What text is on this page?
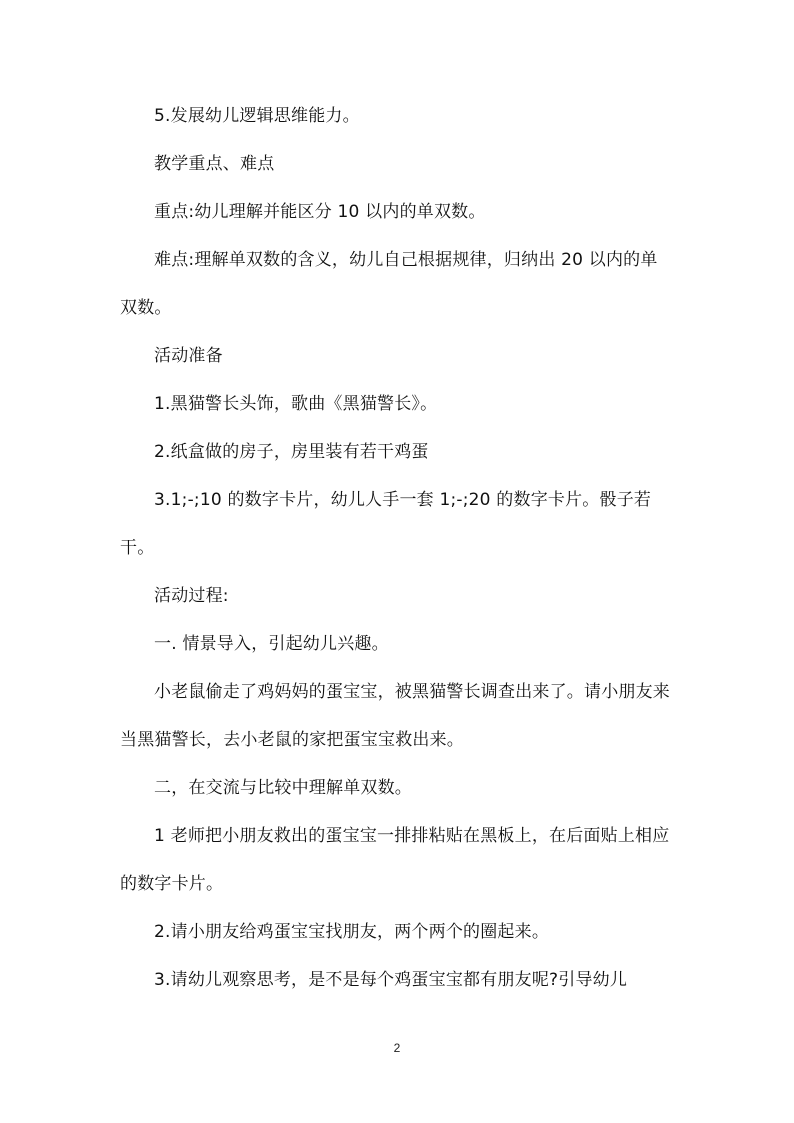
5.发展幼儿逻辑思维能力。

教学重点、难点

重点:幼儿理解并能区分 10 以内的单双数。

难点:理解单双数的含义，幼儿自己根据规律，归纳出 20 以内的单双数。

活动准备

1.黑猫警长头饰，歌曲《黑猫警长》。

2.纸盒做的房子，房里装有若干鸡蛋

3.1;-;10 的数字卡片，幼儿人手一套 1;-;20 的数字卡片。骰子若干。

活动过程:

一. 情景导入，引起幼儿兴趣。

小老鼠偷走了鸡妈妈的蛋宝宝，被黑猫警长调查出来了。请小朋友来当黑猫警长，去小老鼠的家把蛋宝宝救出来。

二，在交流与比较中理解单双数。

1 老师把小朋友救出的蛋宝宝一排排粘贴在黑板上，在后面贴上相应的数字卡片。

2.请小朋友给鸡蛋宝宝找朋友，两个两个的圈起来。

3.请幼儿观察思考，是不是每个鸡蛋宝宝都有朋友呢?引导幼儿

2
